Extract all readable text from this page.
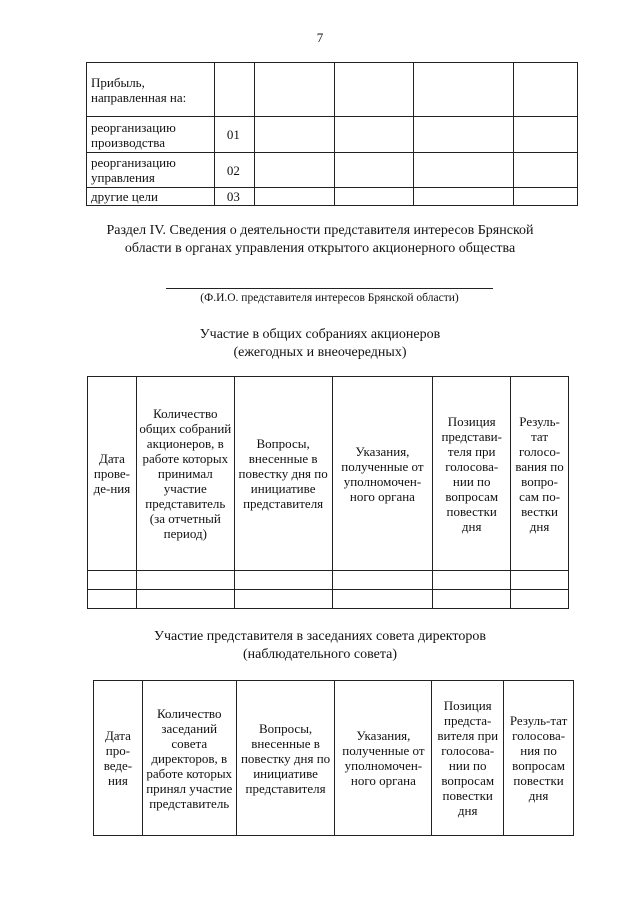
7
Прибыль, направленная на:					
реорганизацию производства	01				
реорганизацию управления	02				
другие цели	03				
Раздел IV. Сведения о деятельности представителя интересов Брянской
области в органах управления открытого акционерного общества
(Ф.И.О. представителя интересов Брянской области)
Участие в общих собраниях акционеров
(ежегодных и внеочередных)
Дата прове-де-ния	Количество общих собраний акционеров, в работе которых принимал участие представитель (за отчетный период)	Вопросы, внесенные в повестку дня по инициативе представителя	Указания, полученные от уполномочен-ного органа	Позиция представи-теля при голосова-нии по вопросам повестки дня	Резуль-тат голосо-вания по вопро-сам по-вестки дня

Участие представителя в заседаниях совета директоров
(наблюдательного совета)
Дата про-веде-ния	Количество заседаний совета директоров, в работе которых принял участие представитель	Вопросы, внесенные в повестку дня по инициативе представителя	Указания, полученные от уполномочен-ного органа	Позиция предста-вителя при голосова-нии по вопросам повестки дня	Резуль-тат голосова-ния по вопросам повестки дня
